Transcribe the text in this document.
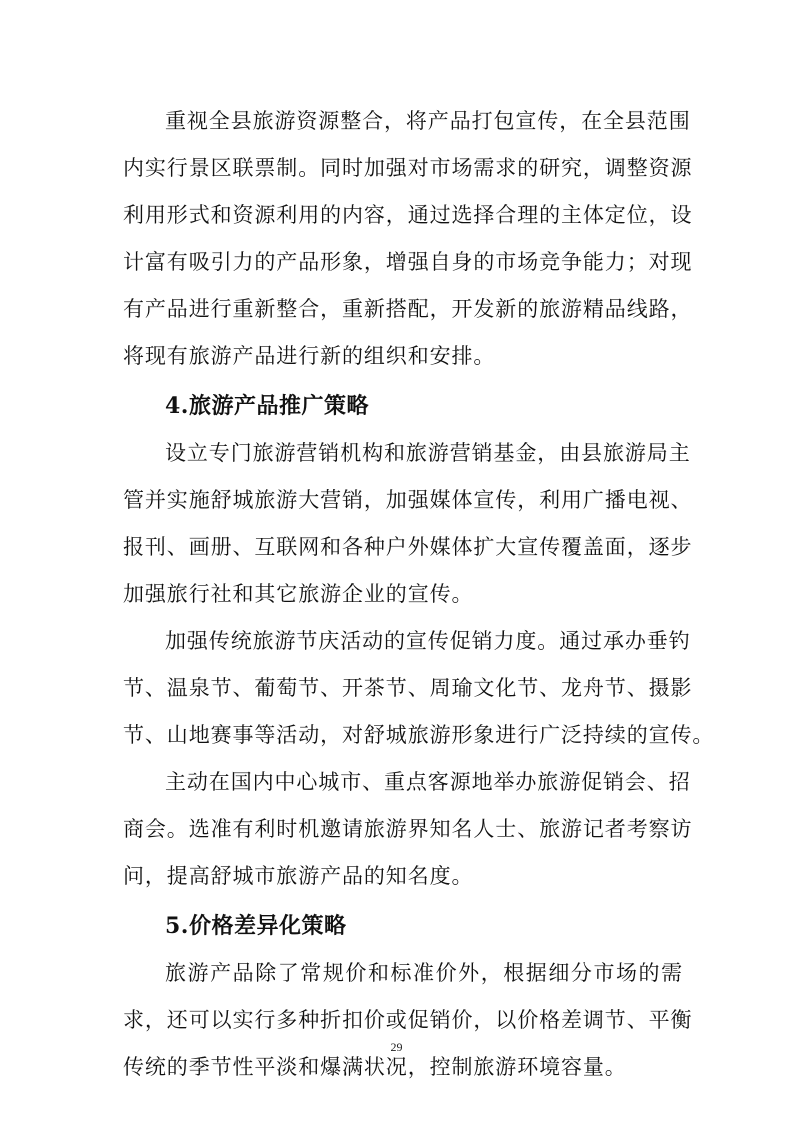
重视全县旅游资源整合，将产品打包宣传，在全县范围
内实行景区联票制。同时加强对市场需求的研究，调整资源
利用形式和资源利用的内容，通过选择合理的主体定位，设
计富有吸引力的产品形象，增强自身的市场竞争能力；对现
有产品进行重新整合，重新搭配，开发新的旅游精品线路，
将现有旅游产品进行新的组织和安排。
4.旅游产品推广策略
设立专门旅游营销机构和旅游营销基金，由县旅游局主
管并实施舒城旅游大营销，加强媒体宣传，利用广播电视、
报刊、画册、互联网和各种户外媒体扩大宣传覆盖面，逐步
加强旅行社和其它旅游企业的宣传。
加强传统旅游节庆活动的宣传促销力度。通过承办垂钓
节、温泉节、葡萄节、开茶节、周瑜文化节、龙舟节、摄影
节、山地赛事等活动，对舒城旅游形象进行广泛持续的宣传。
主动在国内中心城市、重点客源地举办旅游促销会、招
商会。选准有利时机邀请旅游界知名人士、旅游记者考察访
问，提高舒城市旅游产品的知名度。
5.价格差异化策略
旅游产品除了常规价和标准价外，根据细分市场的需
求，还可以实行多种折扣价或促销价，以价格差调节、平衡
传统的季节性平淡和爆满状况，控制旅游环境容量。
29
